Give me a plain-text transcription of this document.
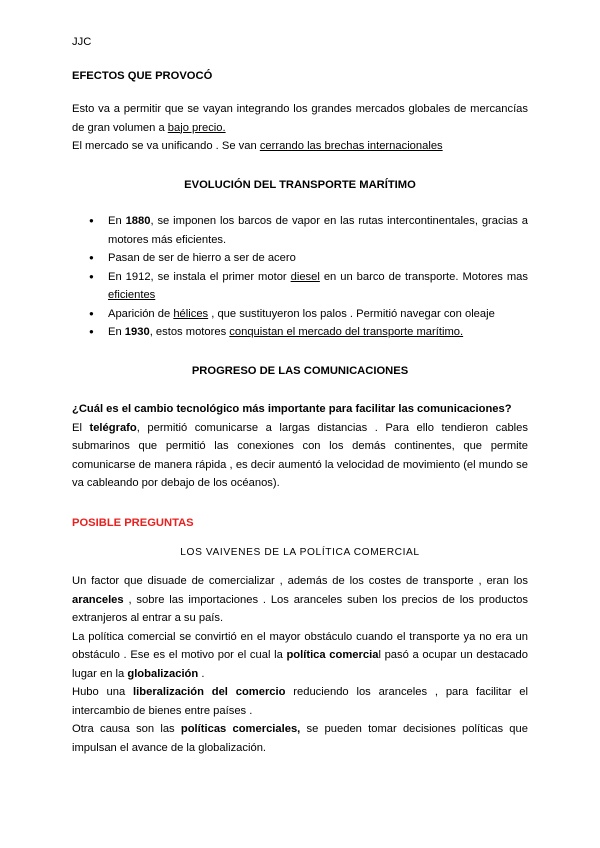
JJC
EFECTOS QUE PROVOCÓ

Esto va a permitir que se vayan integrando los grandes mercados globales de mercancías de gran volumen a bajo precio.

El mercado se va unificando . Se van cerrando las brechas internacionales

EVOLUCIÓN DEL TRANSPORTE MARÍTIMO
● En 1880, se imponen los barcos de vapor en las rutas intercontinentales, gracias a motores más eficientes.
● Pasan de ser de hierro a ser de acero
● En 1912, se instala el primer motor diesel en un barco de transporte. Motores mas eficientes
● Aparición de hélices , que sustituyeron los palos . Permitió navegar con oleaje
● En 1930, estos motores conquistan el mercado del transporte marítimo.
PROGRESO DE LAS COMUNICACIONES

¿Cuál es el cambio tecnológico más importante para facilitar las comunicaciones?

El telégrafo, permitió comunicarse a largas distancias . Para ello tendieron cables submarinos que permitió las conexiones con los demás continentes, que permite comunicarse de manera rápida , es decir aumentó la velocidad de movimiento (el mundo se va cableando por debajo de los océanos).

POSIBLE PREGUNTAS
LOS VAIVENES DE LA POLÍTICA COMERCIAL

Un factor que disuade de comercializar , además de los costes de transporte , eran los aranceles , sobre las importaciones . Los aranceles suben los precios de los productos extranjeros al entrar a su país.

La política comercial se convirtió en el mayor obstáculo cuando el transporte ya no era un obstáculo . Ese es el motivo por el cual la política comercial pasó a ocupar un destacado lugar en la globalización .

Hubo una liberalización del comercio reduciendo los aranceles , para facilitar el intercambio de bienes entre países .

Otra causa son las políticas comerciales, se pueden tomar decisiones políticas que impulsan el avance de la globalización.
